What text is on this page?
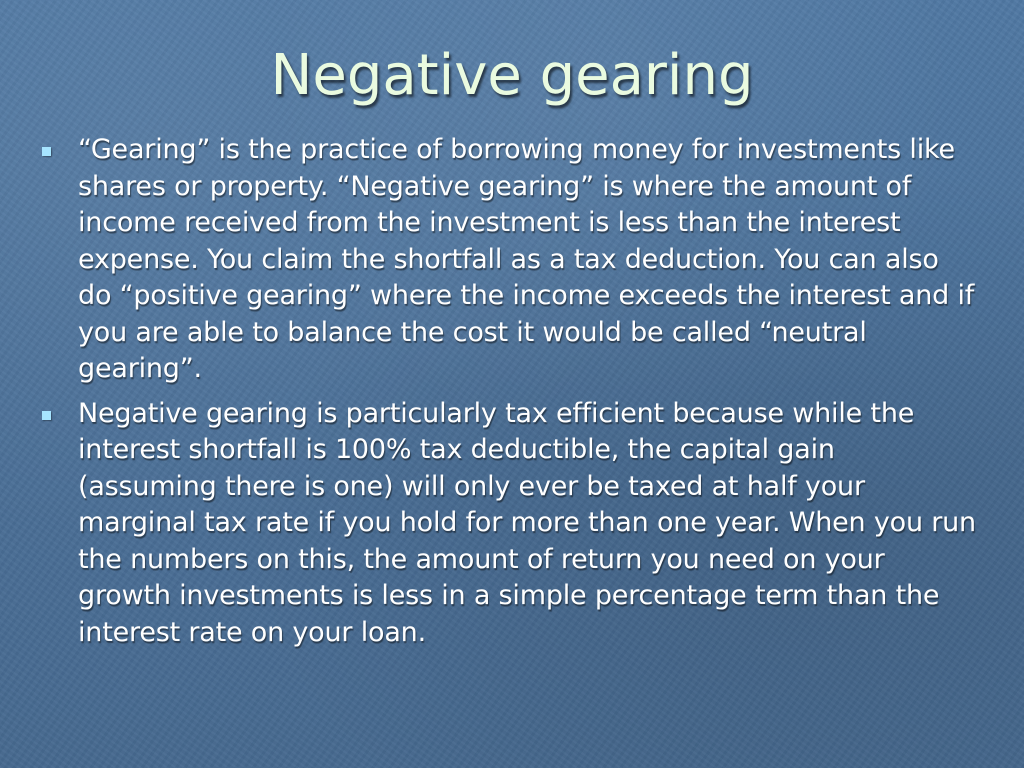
Negative gearing
“Gearing” is the practice of borrowing money for investments like shares or property. “Negative gearing” is where the amount of income received from the investment is less than the interest expense. You claim the shortfall as a tax deduction. You can also do “positive gearing” where the income exceeds the interest and if you are able to balance the cost it would be called “neutral gearing”.
Negative gearing is particularly tax efficient because while the interest shortfall is 100% tax deductible, the capital gain (assuming there is one) will only ever be taxed at half your marginal tax rate if you hold for more than one year. When you run the numbers on this, the amount of return you need on your growth investments is less in a simple percentage term than the interest rate on your loan.
